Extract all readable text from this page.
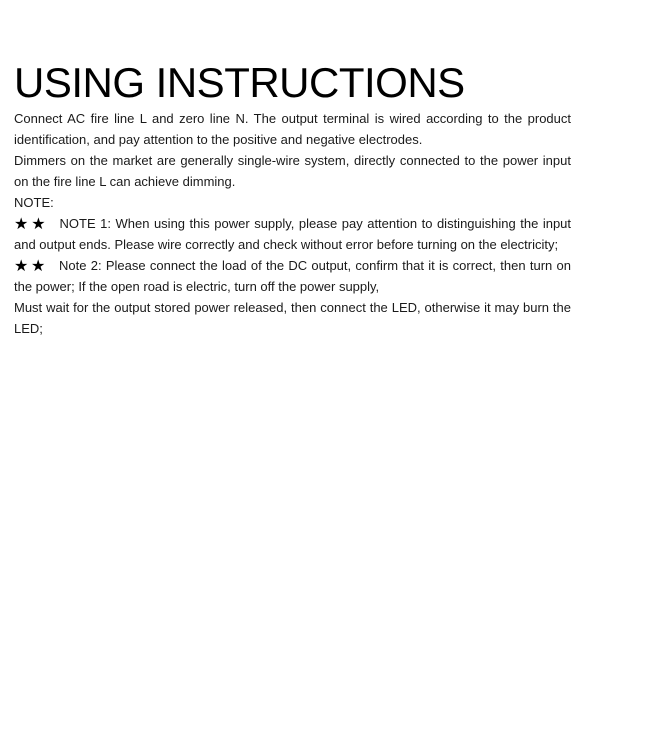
USING INSTRUCTIONS

Connect AC fire line L and zero line N. The output terminal is wired according to the product identification, and pay attention to the positive and negative electrodes.

Dimmers on the market are generally single-wire system, directly connected to the power input on the fire line L can achieve dimming.

NOTE:

★★ NOTE 1: When using this power supply, please pay attention to distinguishing the input and output ends. Please wire correctly and check without error before turning on the electricity;

★★ Note 2: Please connect the load of the DC output, confirm that it is correct, then turn on the power; If the open road is electric, turn off the power supply,

Must wait for the output stored power released, then connect the LED, otherwise it may burn the LED;
